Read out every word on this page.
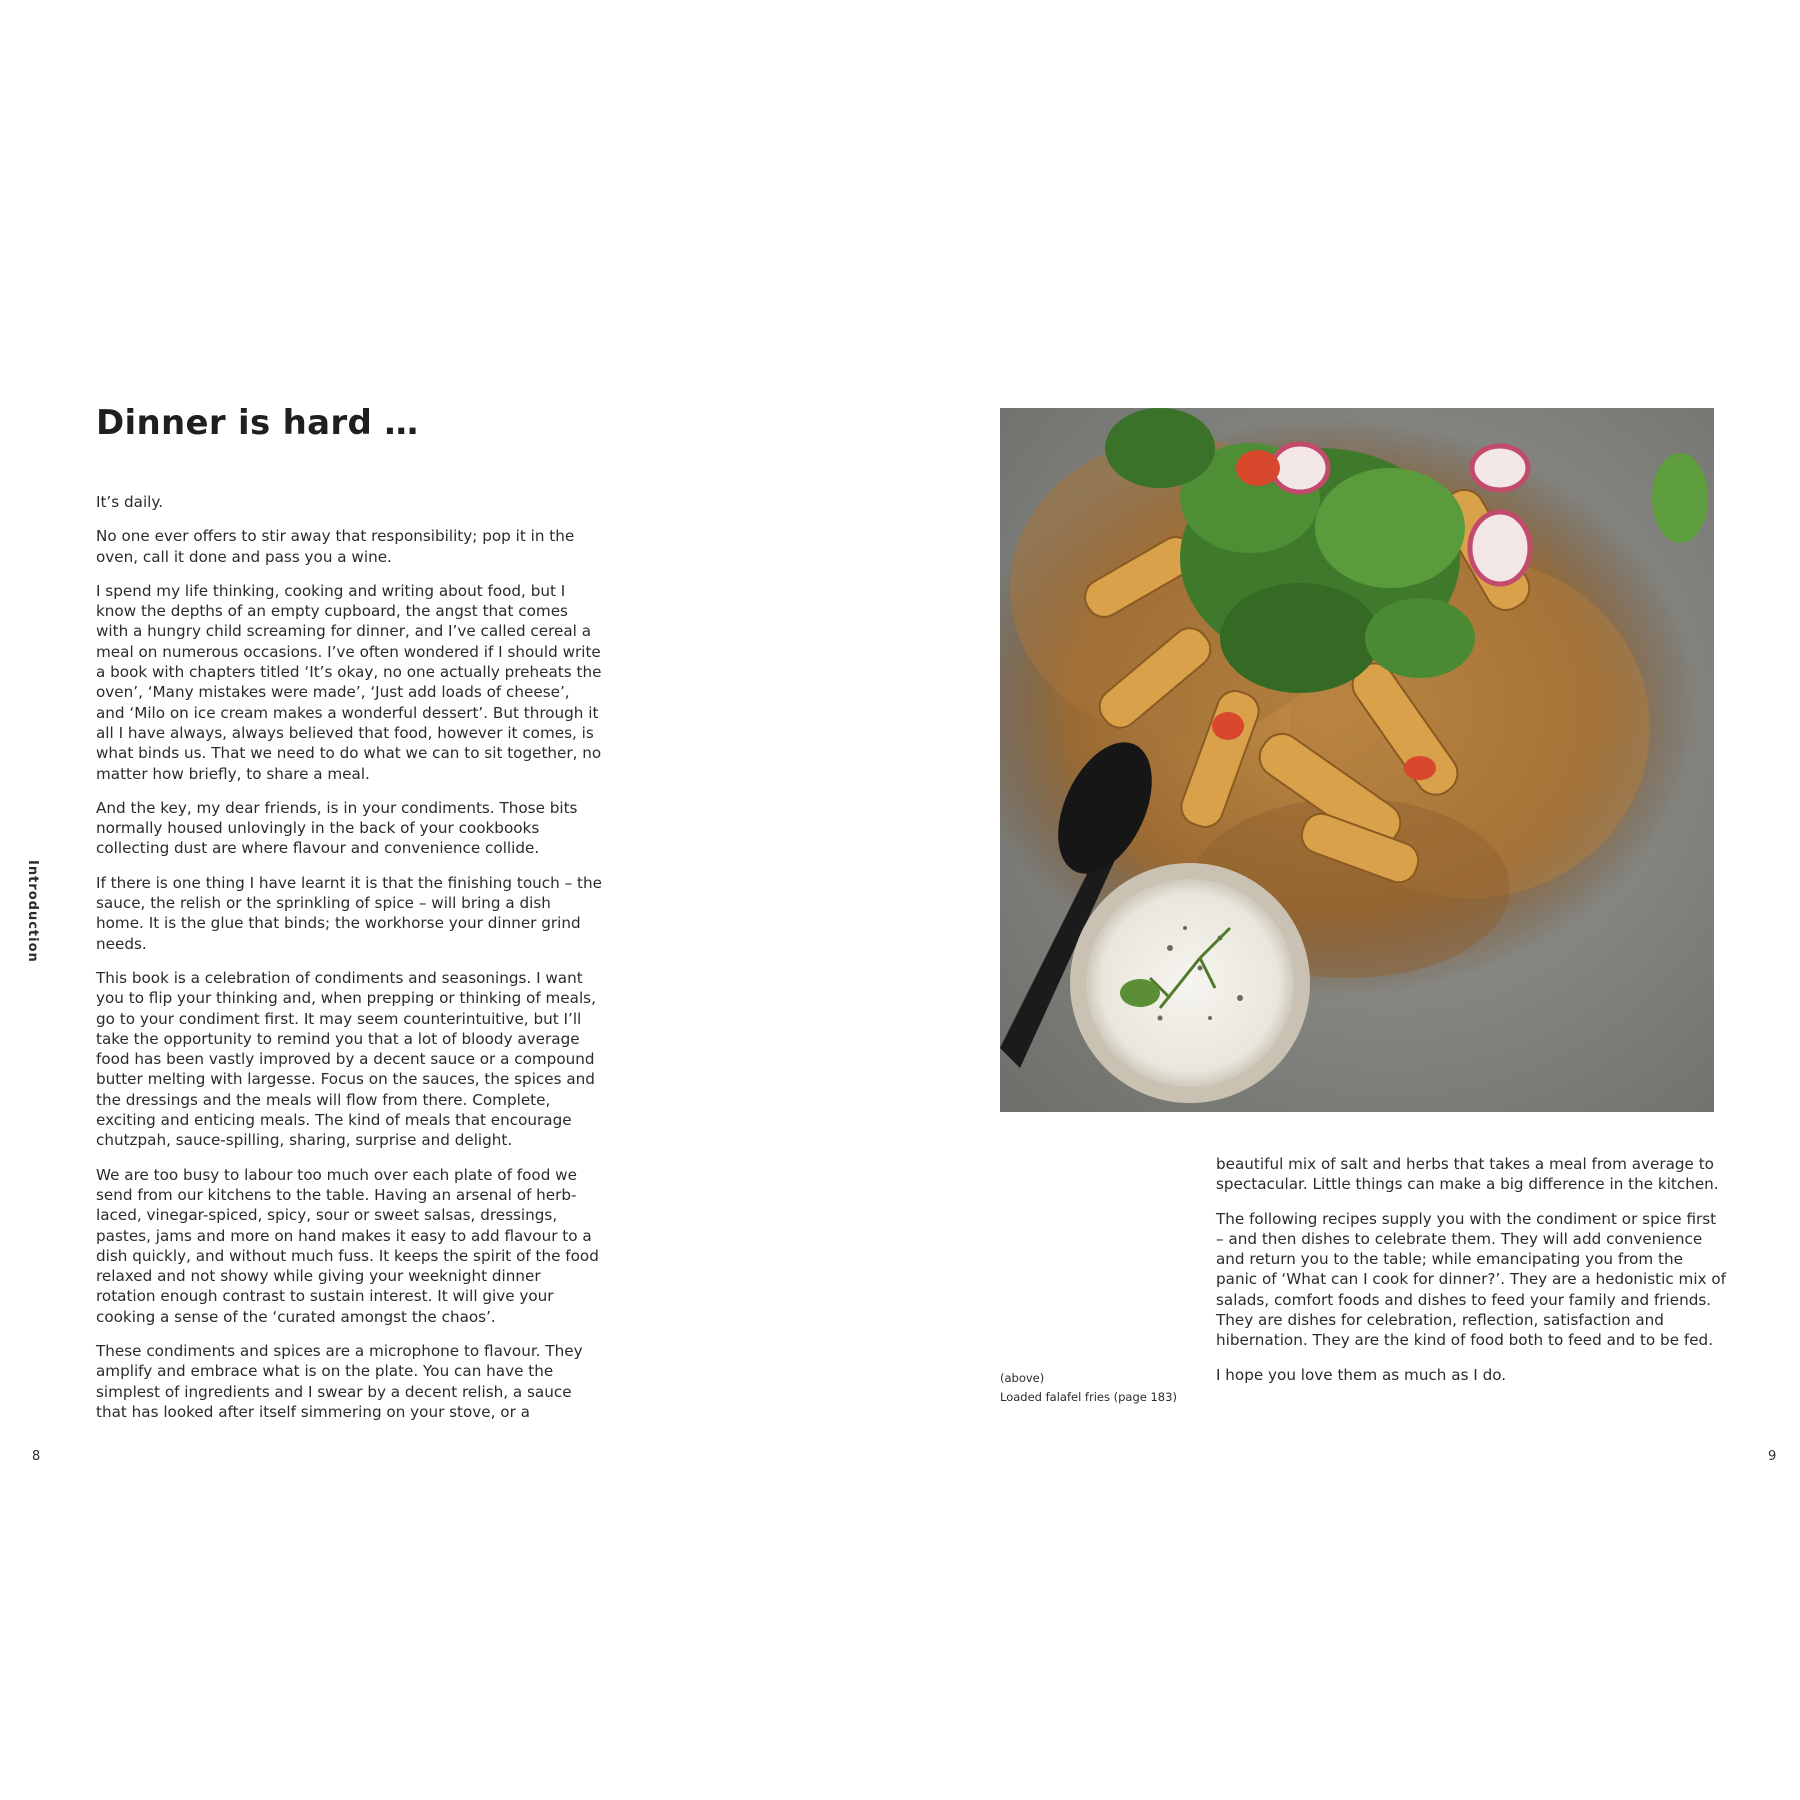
Dinner is hard …

It’s daily.

No one ever offers to stir away that responsibility; pop it in the oven, call it done and pass you a wine.

I spend my life thinking, cooking and writing about food, but I know the depths of an empty cupboard, the angst that comes with a hungry child screaming for dinner, and I’ve called cereal a meal on numerous occasions. I’ve often wondered if I should write a book with chapters titled ‘It’s okay, no one actually preheats the oven’, ‘Many mistakes were made’, ‘Just add loads of cheese’, and ‘Milo on ice cream makes a wonderful dessert’. But through it all I have always, always believed that food, however it comes, is what binds us. That we need to do what we can to sit together, no matter how briefly, to share a meal.

And the key, my dear friends, is in your condiments. Those bits normally housed unlovingly in the back of your cookbooks collecting dust are where flavour and convenience collide.

If there is one thing I have learnt it is that the finishing touch – the sauce, the relish or the sprinkling of spice – will bring a dish home. It is the glue that binds; the workhorse your dinner grind needs.

This book is a celebration of condiments and seasonings. I want you to flip your thinking and, when prepping or thinking of meals, go to your condiment first. It may seem counterintuitive, but I’ll take the opportunity to remind you that a lot of bloody average food has been vastly improved by a decent sauce or a compound butter melting with largesse. Focus on the sauces, the spices and the dressings and the meals will flow from there. Complete, exciting and enticing meals. The kind of meals that encourage chutzpah, sauce-spilling, sharing, surprise and delight.

We are too busy to labour too much over each plate of food we send from our kitchens to the table. Having an arsenal of herb-laced, vinegar-spiced, spicy, sour or sweet salsas, dressings, pastes, jams and more on hand makes it easy to add flavour to a dish quickly, and without much fuss. It keeps the spirit of the food relaxed and not showy while giving your weeknight dinner rotation enough contrast to sustain interest. It will give your cooking a sense of the ‘curated amongst the chaos’.

These condiments and spices are a microphone to flavour. They amplify and embrace what is on the plate. You can have the simplest of ingredients and I swear by a decent relish, a sauce that has looked after itself simmering on your stove, or a

Introduction
8	9
(above)
Loaded falafel fries (page 183)

beautiful mix of salt and herbs that takes a meal from average to spectacular. Little things can make a big difference in the kitchen.

The following recipes supply you with the condiment or spice first – and then dishes to celebrate them. They will add convenience and return you to the table; while emancipating you from the panic of ‘What can I cook for dinner?’. They are a hedonistic mix of salads, comfort foods and dishes to feed your family and friends. They are dishes for celebration, reflection, satisfaction and hibernation. They are the kind of food both to feed and to be fed.

I hope you love them as much as I do.
